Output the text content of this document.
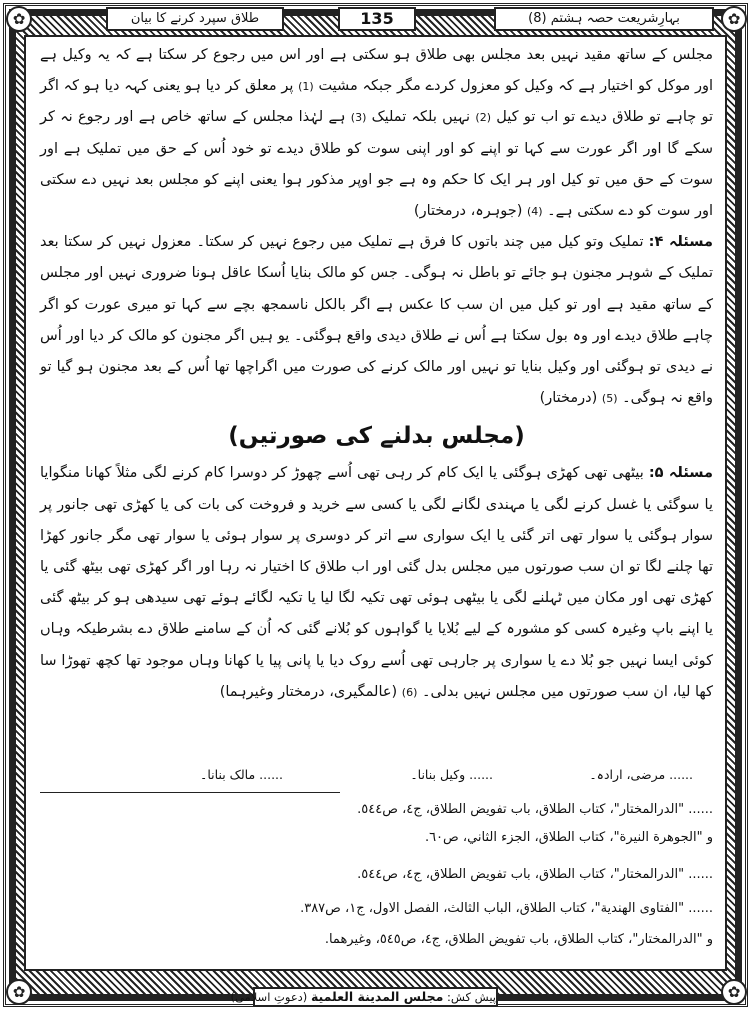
✿
✿
✿
✿
طلاق سپرد کرنے کا بیان	135	بہارِشریعت حصہ ہشتم (8)

مجلس کے ساتھ مقید نہیں بعد مجلس بھی طلاق ہو سکتی ہے اور اس میں رجوع کر سکتا ہے کہ یہ وکیل ہے اور موکل کو اختیار ہے کہ وکیل کو معزول کردے مگر جبکہ مشیت (1) پر معلق کر دیا ہو یعنی کہہ دیا ہو کہ اگر تو چاہے تو طلاق دیدے تو اب تو کیل (2) نہیں بلکہ تملیک (3) ہے لہٰذا مجلس کے ساتھ خاص ہے اور رجوع نہ کر سکے گا اور اگر عورت سے کہا تو اپنے کو اور اپنی سوت کو طلاق دیدے تو خود اُس کے حق میں تملیک ہے اور سوت کے حق میں تو کیل اور ہر ایک کا حکم وہ ہے جو اوپر مذکور ہوا یعنی اپنے کو مجلس بعد نہیں دے سکتی اور سوت کو دے سکتی ہے۔ (4) (جوہرہ، درمختار)

مسئلہ ۴: تملیک وتو کیل میں چند باتوں کا فرق ہے تملیک میں رجوع نہیں کر سکتا۔ معزول نہیں کر سکتا بعد تملیک کے شوہر مجنون ہو جائے تو باطل نہ ہوگی۔ جس کو مالک بنایا اُسکا عاقل ہونا ضروری نہیں اور مجلس کے ساتھ مقید ہے اور تو کیل میں ان سب کا عکس ہے اگر بالکل ناسمجھ بچے سے کہا تو میری عورت کو اگر چاہے طلاق دیدے اور وہ بول سکتا ہے اُس نے طلاق دیدی واقع ہوگئی۔ یو ہیں اگر مجنون کو مالک کر دیا اور اُس نے دیدی تو ہوگئی اور وکیل بنایا تو نہیں اور مالک کرنے کی صورت میں اگراچھا تھا اُس کے بعد مجنون ہو گیا تو واقع نہ ہوگی۔ (5) (درمختار)

(مجلس بدلنے کی صورتیں)

مسئلہ ۵: بیٹھی تھی کھڑی ہوگئی یا ایک کام کر رہی تھی اُسے چھوڑ کر دوسرا کام کرنے لگی مثلاً کھانا منگوایا یا سوگئی یا غسل کرنے لگی یا مہندی لگانے لگی یا کسی سے خرید و فروخت کی بات کی یا کھڑی تھی جانور پر سوار ہوگئی یا سوار تھی اتر گئی یا ایک سواری سے اتر کر دوسری پر سوار ہوئی یا سوار تھی مگر جانور کھڑا تھا چلنے لگا تو ان سب صورتوں میں مجلس بدل گئی اور اب طلاق کا اختیار نہ رہا اور اگر کھڑی تھی بیٹھ گئی یا کھڑی تھی اور مکان میں ٹہلنے لگی یا بیٹھی ہوئی تھی تکیہ لگا لیا یا تکیہ لگائے ہوئے تھی سیدھی ہو کر بیٹھ گئی یا اپنے باپ وغیرہ کسی کو مشورہ کے لیے بُلایا یا گواہوں کو بُلانے گئی کہ اُن کے سامنے طلاق دے بشرطیکہ وہاں کوئی ایسا نہیں جو بُلا دے یا سواری پر جارہی تھی اُسے روک دیا یا پانی پیا یا کھانا وہاں موجود تھا کچھ تھوڑا سا کھا لیا، ان سب صورتوں میں مجلس نہیں بدلی۔ (6) (عالمگیری، درمختار وغیرہما)

...... مرضی، ارادہ۔
...... وکیل بنانا۔
...... مالک بنانا۔
...... "الدرالمختار"، كتاب الطلاق، باب تفويض الطلاق، ج٤، ص٥٤٤.
و "الجوهرة النيرة"، كتاب الطلاق، الجزء الثاني، ص٦٠.
...... "الدرالمختار"، كتاب الطلاق، باب تفويض الطلاق، ج٤، ص٥٤٤.
...... "الفتاوى الهندية"، كتاب الطلاق، الباب الثالث، الفصل الاول، ج١، ص٣٨٧.
و "الدرالمختار"، كتاب الطلاق، باب تفويض الطلاق، ج٤، ص٥٤٥، وغيرهما.
پیش کش: مجلس المدينة العلمية (دعوتِ اسلامی)
